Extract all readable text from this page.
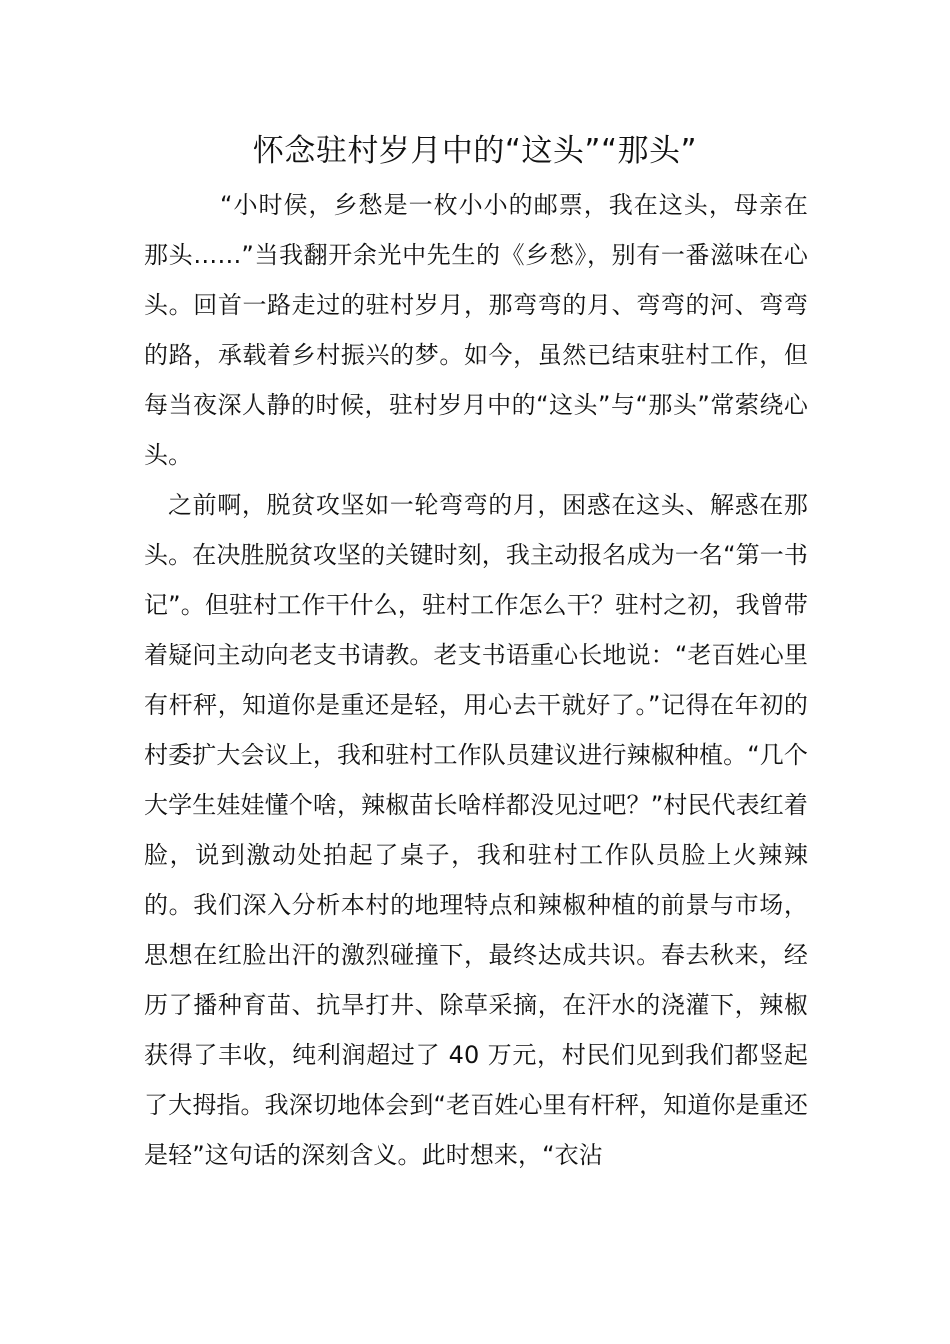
怀念驻村岁月中的“这头”“那头”

“小时侯，乡愁是一枚小小的邮票，我在这头，母亲在那头……”当我翻开余光中先生的《乡愁》，别有一番滋味在心头。回首一路走过的驻村岁月，那弯弯的月、弯弯的河、弯弯的路，承载着乡村振兴的梦。如今，虽然已结束驻村工作，但每当夜深人静的时候，驻村岁月中的“这头”与“那头”常萦绕心头。

之前啊，脱贫攻坚如一轮弯弯的月，困惑在这头、解惑在那头。在决胜脱贫攻坚的关键时刻，我主动报名成为一名“第一书记”。但驻村工作干什么，驻村工作怎么干？驻村之初，我曾带着疑问主动向老支书请教。老支书语重心长地说：“老百姓心里有杆秤，知道你是重还是轻，用心去干就好了。”记得在年初的村委扩大会议上，我和驻村工作队员建议进行辣椒种植。“几个大学生娃娃懂个啥，辣椒苗长啥样都没见过吧？”村民代表红着脸，说到激动处拍起了桌子，我和驻村工作队员脸上火辣辣的。我们深入分析本村的地理特点和辣椒种植的前景与市场，思想在红脸出汗的激烈碰撞下，最终达成共识。春去秋来，经历了播种育苗、抗旱打井、除草采摘，在汗水的浇灌下，辣椒获得了丰收，纯利润超过了 40 万元，村民们见到我们都竖起了大拇指。我深切地体会到“老百姓心里有杆秤，知道你是重还是轻”这句话的深刻含义。此时想来，“衣沾
